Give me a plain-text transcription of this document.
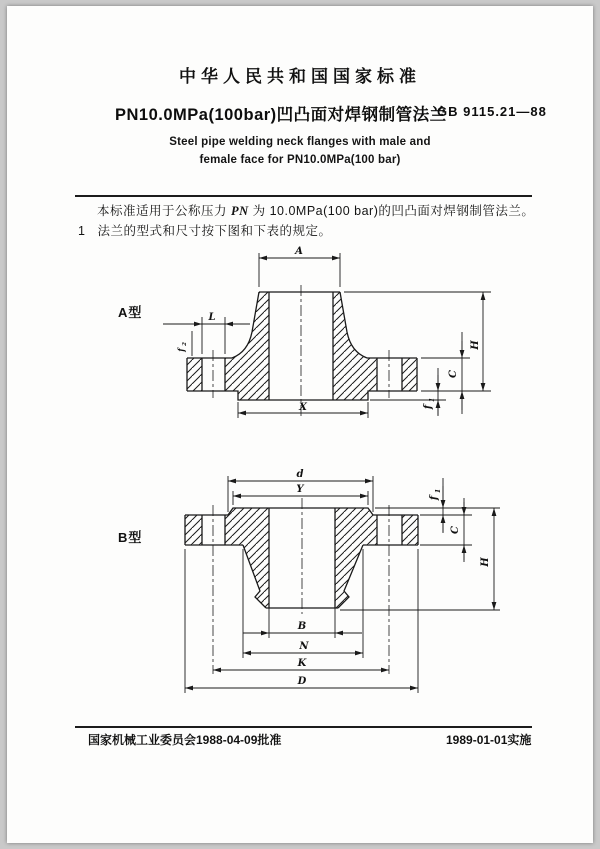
中华人民共和国国家标准
PN10.0MPa(100bar)凹凸面对焊钢制管法兰
GB 9115.21—88
Steel pipe welding neck flanges with male and
female face for PN10.0MPa(100 bar)
本标准适用于公称压力 PN 为 10.0MPa(100 bar)的凹凸面对焊钢制管法兰。
1 法兰的型式和尺寸按下图和下表的规定。
A型
B型
A
L
X
H
C
f
1
f
2
d
Y
f
1
C
H
B
N
K
D
国家机械工业委员会1988-04-09批准	1989-01-01实施
